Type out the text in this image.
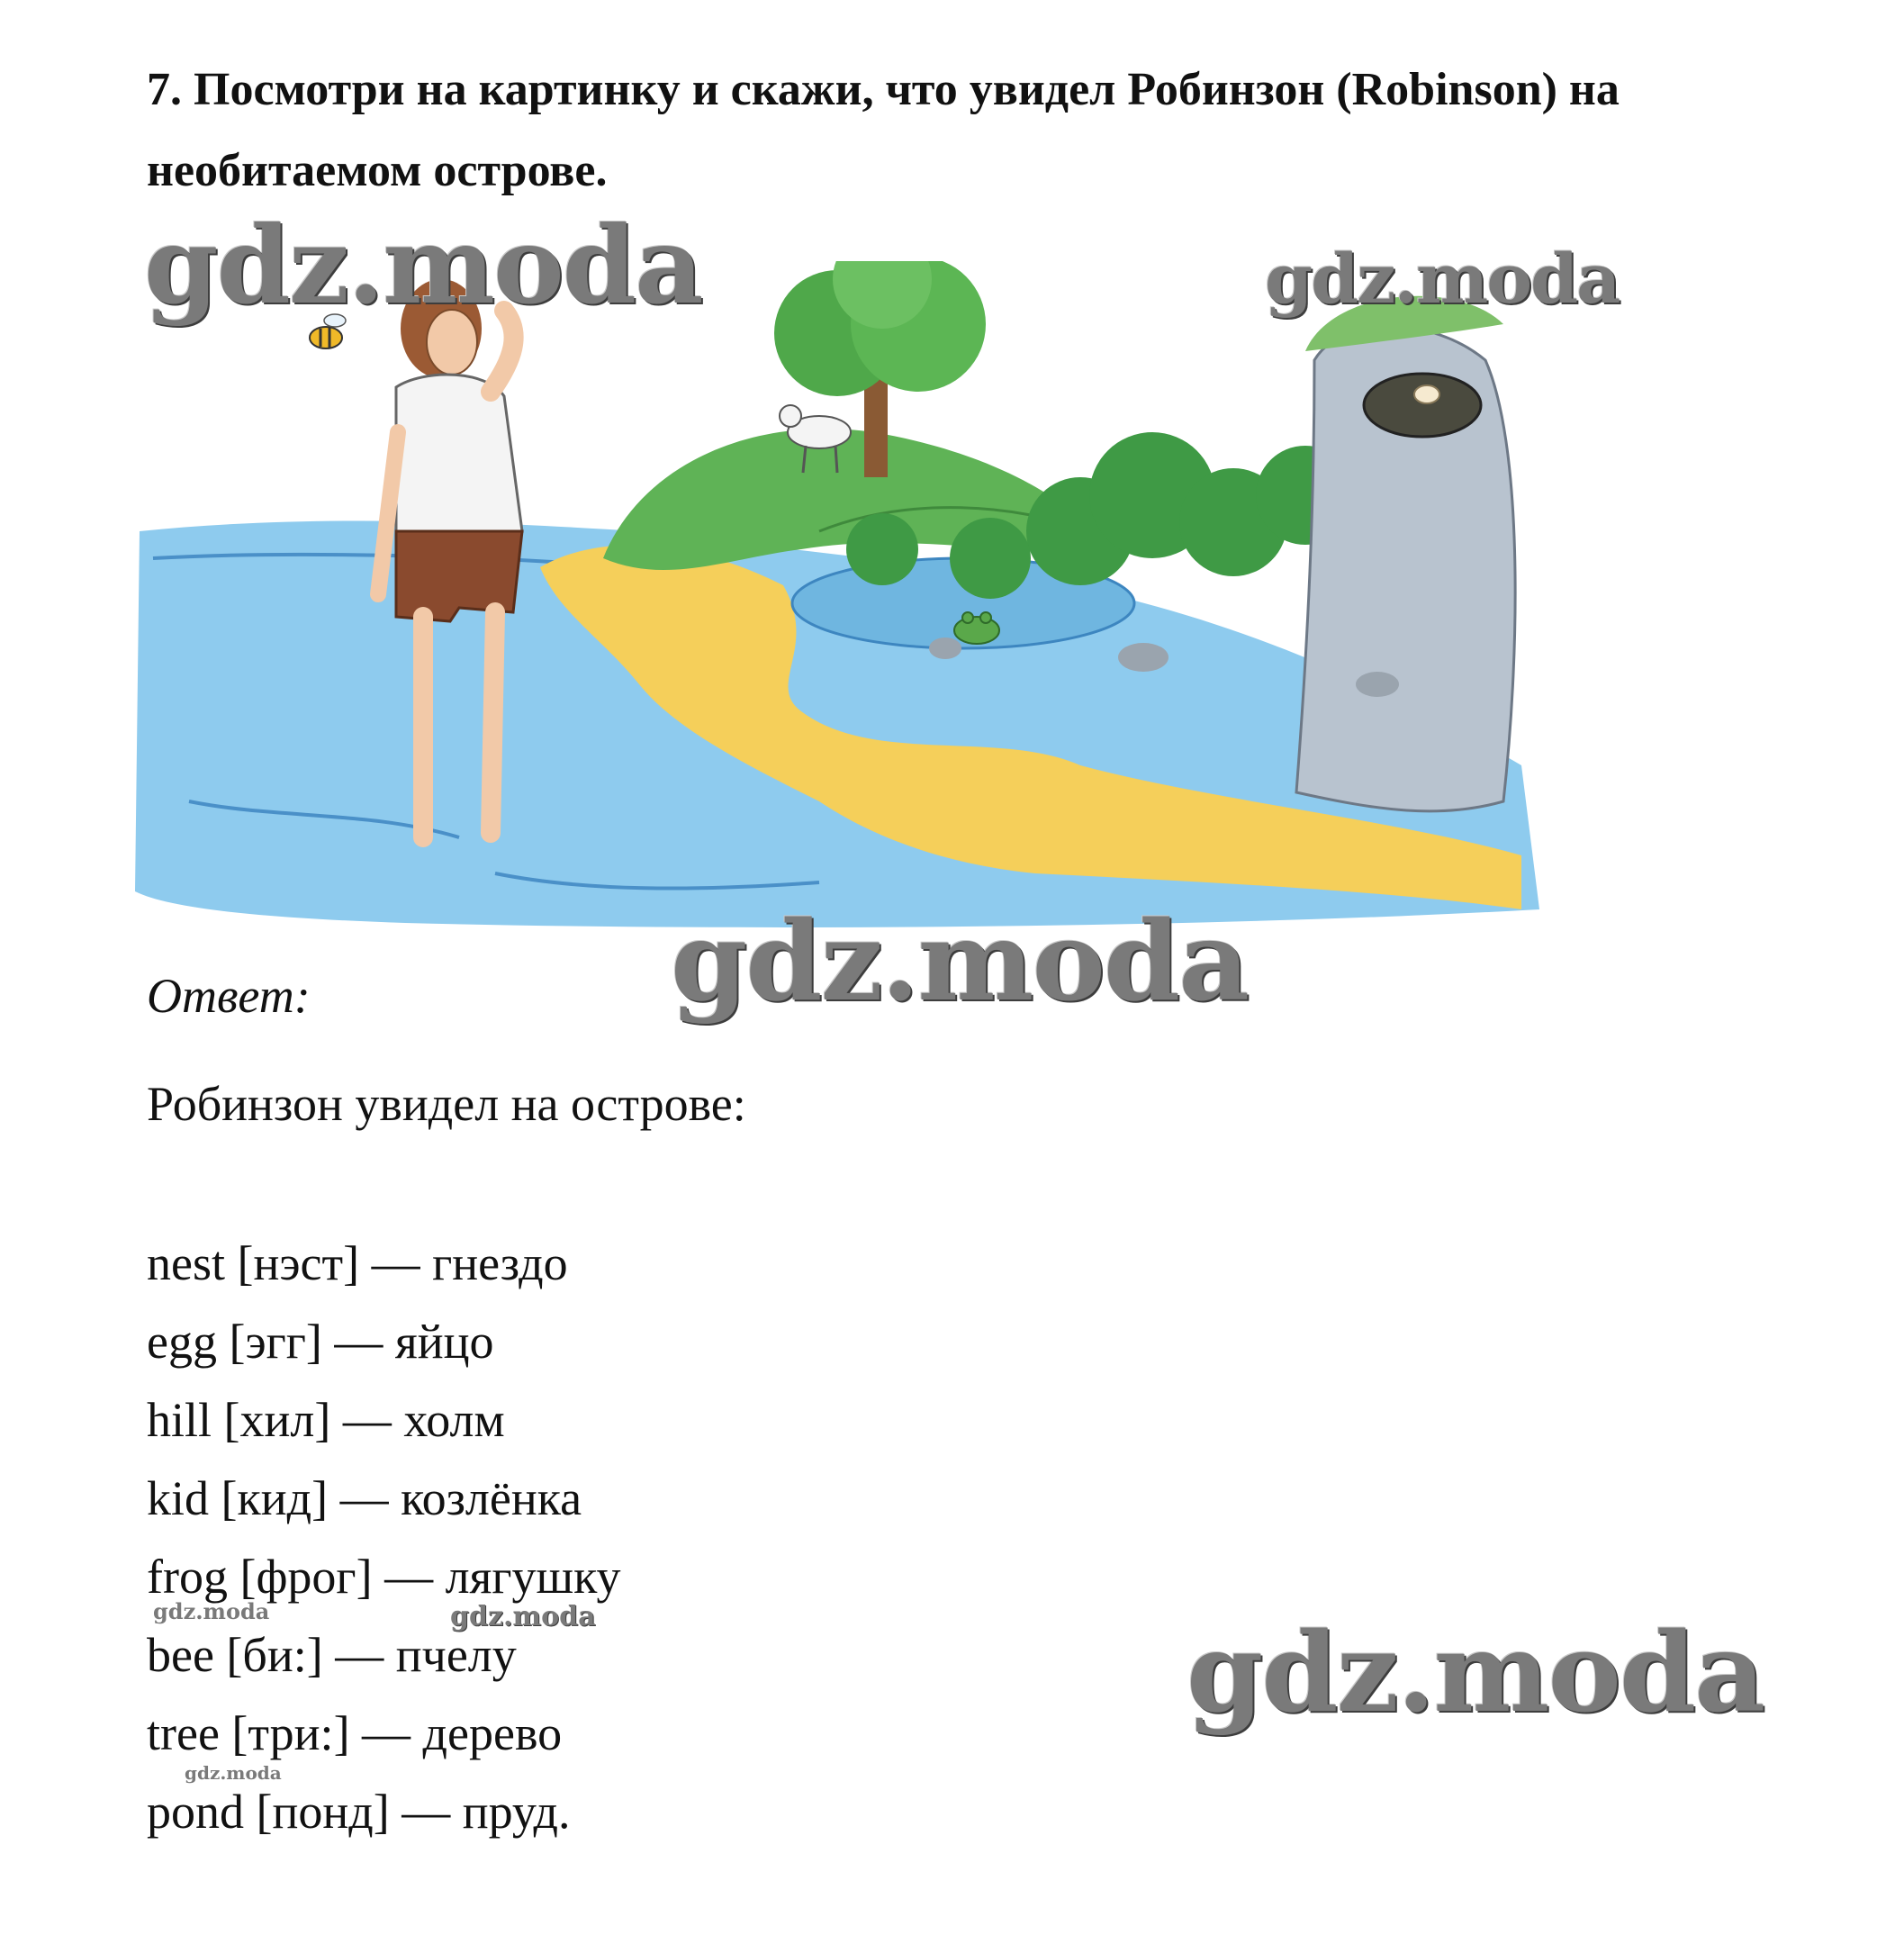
7. Посмотри на картинку и скажи, что увидел Робинзон (Robinson) на необитаемом острове.

gdz.moda	gdz.moda
gdz.moda
gdz.moda
gdz.moda	gdz.moda
gdz.moda

Ответ:

Робинзон увидел на острове:

nest [нэст] — гнездо
egg [эгг] — яйцо
hill [хил] — холм
kid [кид] — козлёнка
frog [фрог] — лягушку
bee [би:] — пчелу
tree [три:] — дерево
pond [понд] — пруд.
